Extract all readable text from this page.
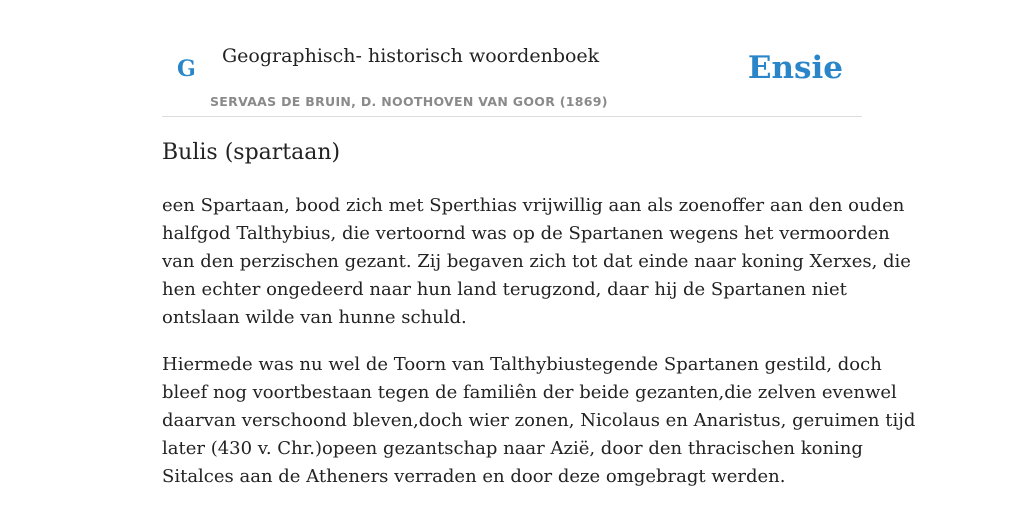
G Geographisch- historisch woordenboek
SERVAAS DE BRUIN, D. NOOTHOVEN VAN GOOR (1869)
Ensie
Bulis (spartaan)

een Spartaan, bood zich met Sperthias vrijwillig aan als zoenoffer aan den ouden
halfgod Talthybius, die vertoornd was op de Spartanen wegens het vermoorden
van den perzischen gezant. Zij begaven zich tot dat einde naar koning Xerxes, die
hen echter ongedeerd naar hun land terugzond, daar hij de Spartanen niet
ontslaan wilde van hunne schuld.

Hiermede was nu wel de Toorn van Talthybiustegende Spartanen gestild, doch
bleef nog voortbestaan tegen de familiên der beide gezanten,die zelven evenwel
daarvan verschoond bleven,doch wier zonen, Nicolaus en Anaristus, geruimen tijd
later (430 v. Chr.)opeen gezantschap naar Azië, door den thracischen koning
Sitalces aan de Atheners verraden en door deze omgebragt werden.
